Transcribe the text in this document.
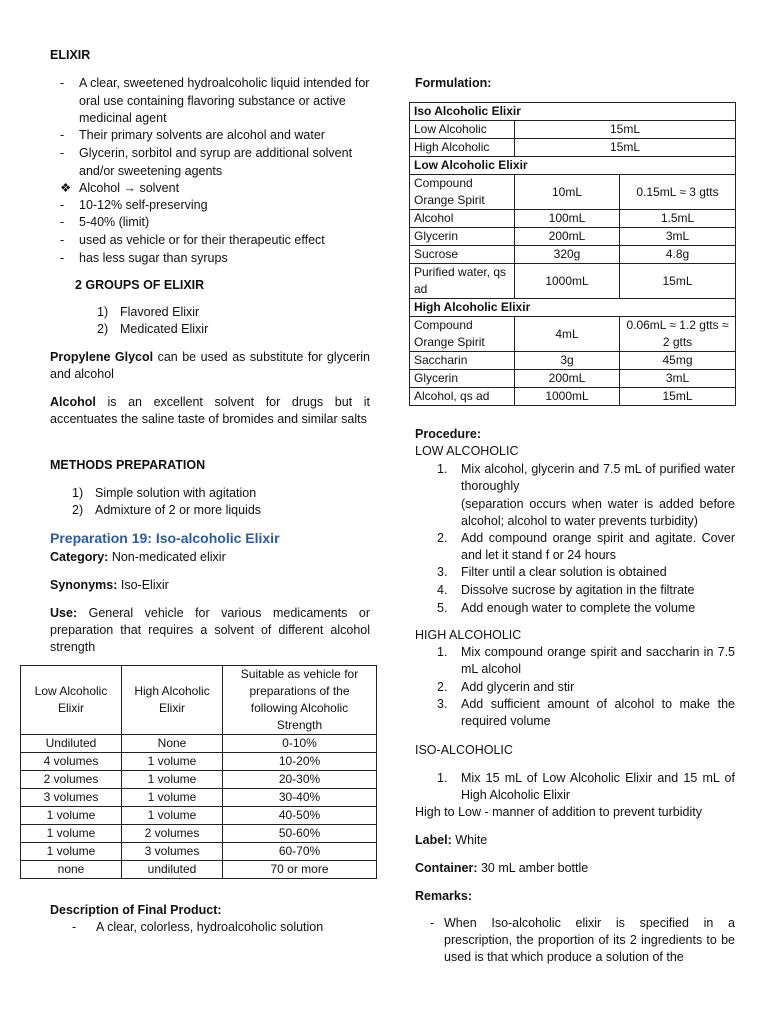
ELIXIR
- A clear, sweetened hydroalcoholic liquid intended for oral use containing flavoring substance or active medicinal agent
- Their primary solvents are alcohol and water
- Glycerin, sorbitol and syrup are additional solvent and/or sweetening agents
❖ Alcohol → solvent
- 10-12% self-preserving
- 5-40% (limit)
- used as vehicle or for their therapeutic effect
- has less sugar than syrups
2 GROUPS OF ELIXIR
1) Flavored Elixir
2) Medicated Elixir
Propylene Glycol can be used as substitute for glycerin and alcohol
Alcohol is an excellent solvent for drugs but it accentuates the saline taste of bromides and similar salts
METHODS PREPARATION
1) Simple solution with agitation
2) Admixture of 2 or more liquids
Preparation 19: Iso-alcoholic Elixir
Category: Non-medicated elixir
Synonyms: Iso-Elixir
Use: General vehicle for various medicaments or preparation that requires a solvent of different alcohol strength
Description of Final Product:
- A clear, colorless, hydroalcoholic solution
Low Alcoholic Elixir	High Alcoholic Elixir	Suitable as vehicle for preparations of the following Alcoholic Strength
Undiluted	None	0-10%
4 volumes	1 volume	10-20%
2 volumes	1 volume	20-30%
3 volumes	1 volume	30-40%
1 volume	1 volume	40-50%
1 volume	2 volumes	50-60%
1 volume	3 volumes	60-70%
none	undiluted	70 or more
Formulation:
Iso Alcoholic Elixir		
Low Alcoholic	15mL	
High Alcoholic	15mL	
Low Alcoholic Elixir		
Compound Orange Spirit	10mL	0.15mL ≈ 3 gtts
Alcohol	100mL	1.5mL
Glycerin	200mL	3mL
Sucrose	320g	4.8g
Purified water, qs ad	1000mL	15mL
High Alcoholic Elixir		
Compound Orange Spirit	4mL	0.06mL ≈ 1.2 gtts ≈ 2 gtts
Saccharin	3g	45mg
Glycerin	200mL	3mL
Alcohol, qs ad	1000mL	15mL
Procedure:
LOW ALCOHOLIC
1. Mix alcohol, glycerin and 7.5 mL of purified water thoroughly
(separation occurs when water is added before alcohol; alcohol to water prevents turbidity)
2. Add compound orange spirit and agitate. Cover and let it stand f or 24 hours
3. Filter until a clear solution is obtained
4. Dissolve sucrose by agitation in the filtrate
5. Add enough water to complete the volume
HIGH ALCOHOLIC
1. Mix compound orange spirit and saccharin in 7.5 mL alcohol
2. Add glycerin and stir
3. Add sufficient amount of alcohol to make the required volume
ISO-ALCOHOLIC
1. Mix 15 mL of Low Alcoholic Elixir and 15 mL of High Alcoholic Elixir
High to Low - manner of addition to prevent turbidity
Label: White
Container: 30 mL amber bottle
Remarks:
- When Iso-alcoholic elixir is specified in a prescription, the proportion of its 2 ingredients to be used is that which produce a solution of the
